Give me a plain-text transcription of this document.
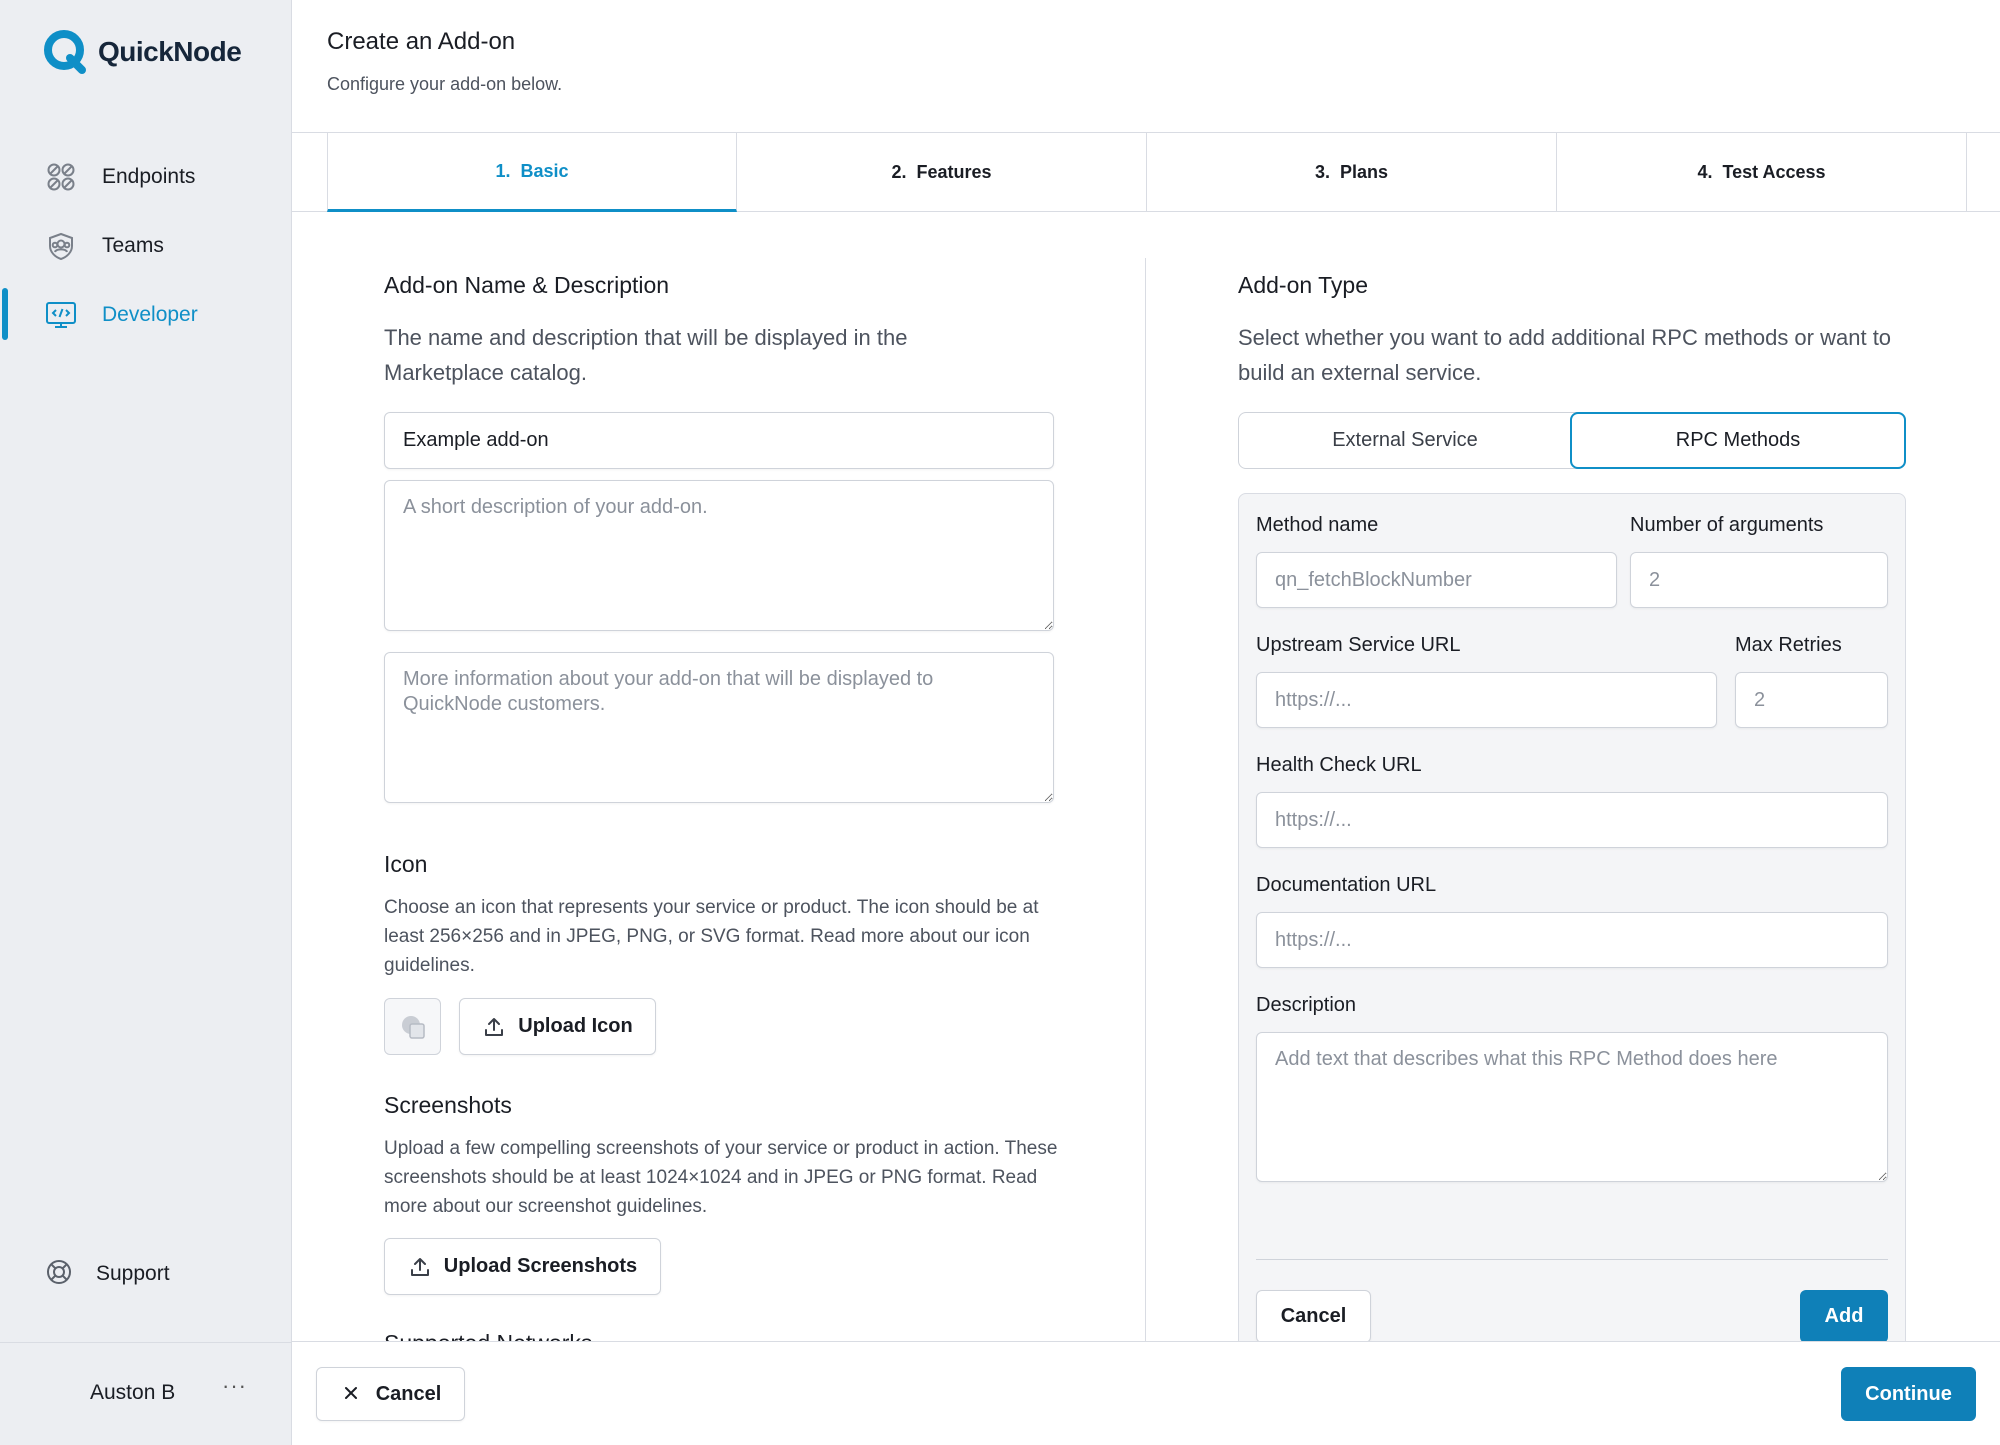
QuickNode
Endpoints
Teams
Developer
Support
Auston B ···
Create an Add-on

Configure your add-on below.

1. Basic	2. Features	3. Plans	4. Test Access
Add-on Name & Description

The name and description that will be displayed in the Marketplace catalog.

Example add-on
A short description of your add-on.
More information about your add-on that will be displayed to QuickNode customers.
Icon

Choose an icon that represents your service or product. The icon should be at least 256×256 and in JPEG, PNG, or SVG format. Read more about our icon guidelines.

Upload Icon
Screenshots

Upload a few compelling screenshots of your service or product in action. These screenshots should be at least 1024×1024 and in JPEG or PNG format. Read more about our screenshot guidelines.

Upload Screenshots
Add-on Type

Select whether you want to add additional RPC methods or want to build an external service.

External Service	RPC Methods
Method name	Number of arguments
qn_fetchBlockNumber
2
Upstream Service URL	Max Retries
https://...
2
Health Check URL
https://...
Documentation URL
https://...
Description
Add text that describes what this RPC Method does here
Cancel	Add
Cancel	Continue
